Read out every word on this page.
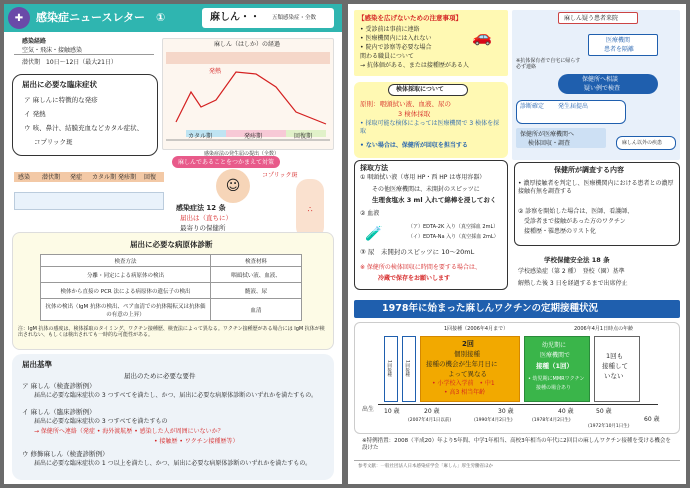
✚	感染症ニュースレター ①	麻しん・・ 五類感染症・全数
感染経路
空気・飛沫・接触感染
潜伏期　10日～12日（最大21日）
麻しん（はしか）の経過
発熱
カタル期	発疹期	回復期
届出に必要な臨床症状
ア 麻しんに特徴的な発疹
イ 発熱
ウ 咳、鼻汁、結膜充血などカタル症状、
コプリック斑
感染 潜伏期 発症 カタル期 発疹期 回復
麻しんであることをつかまえて対策
感染症法の発生届の提出（全数）
感染症法 12 条
届出は（直ちに）
最寄りの保健所
☺
∴
コプリック斑
届出に必要な病原体診断
検査方法	検査材料
分離・同定による病原体の検出	咽頭拭い液、血液、
検体から直接の PCR 法による病原体の遺伝子の検出	髄液、尿
抗体の検出（IgM 抗体の検出、ペア血清での抗体陽転又は抗体価の有意の上昇）	血清
注：IgM 抗体の感度は、検体採取のタイミング、ワクチン接種歴、検査法によって異なる。ワクチン接種歴がある場合には IgM 抗体が検出されない、もしくは検出されても一時的な可能性がある。
届出基準
届出のために必要な要件
ア 麻しん（検査診断例）
届出に必要な臨床症状の 3 つすべてを満たし、かつ、届出に必要な病原体診断のいずれかを満たすもの。
イ 麻しん（臨床診断例）
届出に必要な臨床症状の 3 つすべてを満たすもの
→ 保健所へ連絡（発症 • 海外渡航歴 • 感染した人が周囲にいないか？
• 接触歴 • ワクチン接種歴等）
ウ 修飾麻しん（検査診断例）
届出に必要な臨床症状の 1 つ以上を満たし、かつ、届出に必要な病原体診断のいずれかを満たすもの。
【感染を広げないための注意事項】
• 受診前は事前に連絡
• 医療機関内には入れない
• 院内で診察等必要な場合
関わる職員について
→ 抗体価がある、または接種歴がある人
🚗
麻しん疑う患者来院
医療機関
患者を隔離
※抗体保有者で自宅に帰らす必ず連絡
保健所へ相談
疑い例で検査
診断確定 発生届提出
保健所が医療機関へ
検体回収・調査	麻しん以外の疾患
検体採取について
原則：咽頭拭い液、血液、尿の
3 検体採取
• 採取可能な検体によっては医療機関で 3 検体を採取
• ない場合は、保健所が回収を担当する
採取方法
① 咽頭拭い液（専用 HP・西 HP は専用容器）
その他医療機関は、未開封のスピッツに
生理食塩水 3 ml 入れて綿棒を浸しておく
② 血液
🧪	（ア）EDTA-2K 入り（真空採血 2mL）
（イ）EDTA-Na 入り（真空採血 2mL）
③ 尿　未開封のスピッツに 10～20mL
※ 保健所の検体回収に時間を要する場合は、
冷蔵で保存をお願いします
保健所が調査する内容
• 濃厚接触者を判定し、医療機関内における患者との濃厚接触有無を調査する
② 診察を開始した場合は、医師、看護師、
受診者まで接触があった方のワクチン
接種歴・罹患歴のリスト化
学校保健安全法 18 条
学校感染症（第 2 種）　登校（園）基準
解熱した後 3 日を経過するまで出席停止
1978年に始まった麻しんワクチンの定期接種状況
1回接種（2006年4月まで）	2006年4月1日時点の年齢
1回接種	1回接種
2回
個別接種
接種の機会が生年月日に
よって異なる
• 小学校入学前　• 中1
• 高3 相当年齢
幼児期に
医療機関で
接種（1回）
• 幼児期にMMRワクチン
接種の場合あり
1回も
接種して
いない
出生 10 歳	20 歳	30 歳	40 歳	50 歳
60 歳
(2007年4月1日以前)	(1990年4月2日生)	(1978年4月2日生)
(1972年10月1日生)
※特例措置：2008（平成20）年より5年間、中学1年相当、高校3年相当の年代に2回目の麻しんワクチン接種を受ける機会を設けた
参考文献：一般社団法人日本感染症学会「麻しん」厚生労働省ほか
